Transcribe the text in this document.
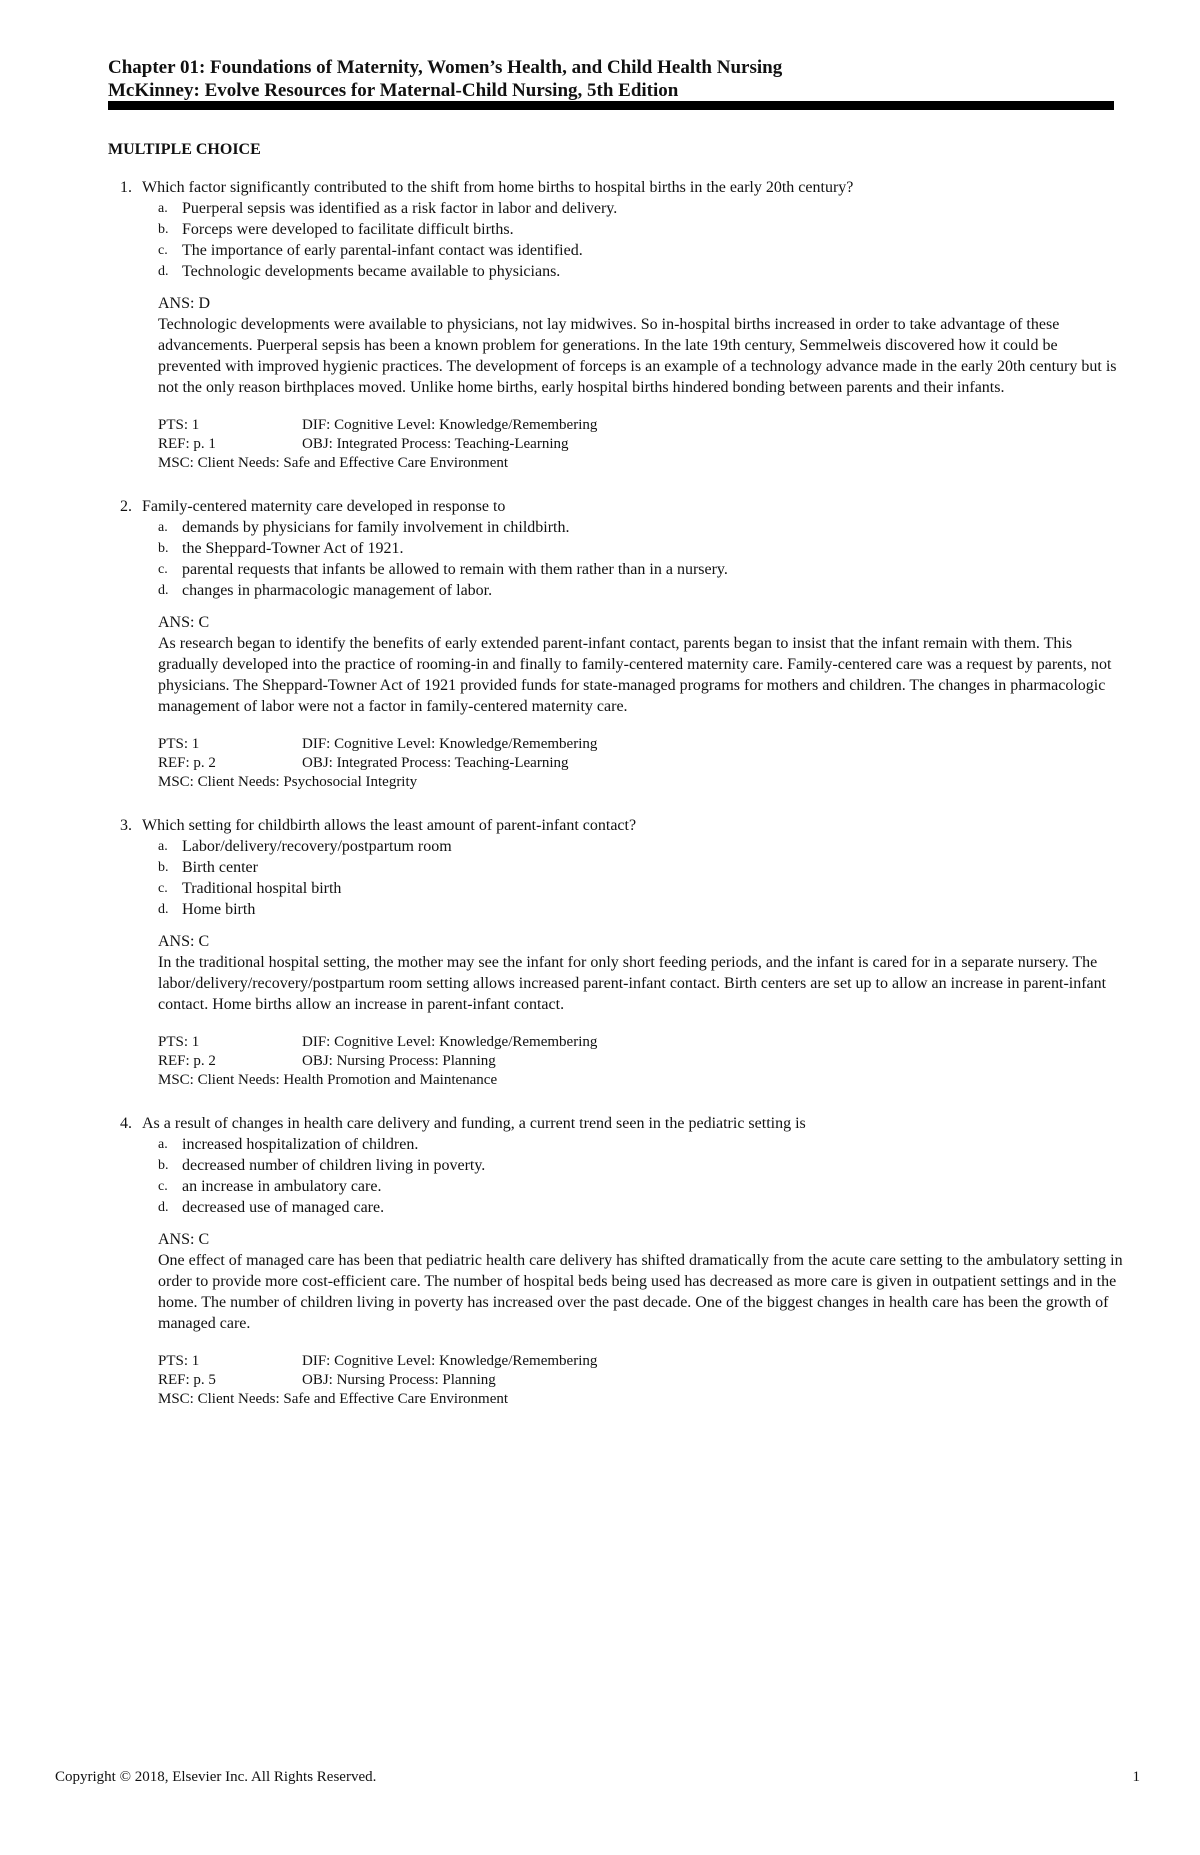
Chapter 01: Foundations of Maternity, Women’s Health, and Child Health Nursing
McKinney: Evolve Resources for Maternal-Child Nursing, 5th Edition
MULTIPLE CHOICE
1. Which factor significantly contributed to the shift from home births to hospital births in the early 20th century?
a. Puerperal sepsis was identified as a risk factor in labor and delivery.
b. Forceps were developed to facilitate difficult births.
c. The importance of early parental-infant contact was identified.
d. Technologic developments became available to physicians.
ANS: D
Technologic developments were available to physicians, not lay midwives. So in-hospital births increased in order to take advantage of these advancements. Puerperal sepsis has been a known problem for generations. In the late 19th century, Semmelweis discovered how it could be prevented with improved hygienic practices. The development of forceps is an example of a technology advance made in the early 20th century but is not the only reason birthplaces moved. Unlike home births, early hospital births hindered bonding between parents and their infants.
PTS: 1	DIF: Cognitive Level: Knowledge/Remembering
REF: p. 1	OBJ: Integrated Process: Teaching-Learning
MSC: Client Needs: Safe and Effective Care Environment
2. Family-centered maternity care developed in response to
a. demands by physicians for family involvement in childbirth.
b. the Sheppard-Towner Act of 1921.
c. parental requests that infants be allowed to remain with them rather than in a nursery.
d. changes in pharmacologic management of labor.
ANS: C
As research began to identify the benefits of early extended parent-infant contact, parents began to insist that the infant remain with them. This gradually developed into the practice of rooming-in and finally to family-centered maternity care. Family-centered care was a request by parents, not physicians. The Sheppard-Towner Act of 1921 provided funds for state-managed programs for mothers and children. The changes in pharmacologic management of labor were not a factor in family-centered maternity care.
PTS: 1	DIF: Cognitive Level: Knowledge/Remembering
REF: p. 2	OBJ: Integrated Process: Teaching-Learning
MSC: Client Needs: Psychosocial Integrity
3. Which setting for childbirth allows the least amount of parent-infant contact?
a. Labor/delivery/recovery/postpartum room
b. Birth center
c. Traditional hospital birth
d. Home birth
ANS: C
In the traditional hospital setting, the mother may see the infant for only short feeding periods, and the infant is cared for in a separate nursery. The labor/delivery/recovery/postpartum room setting allows increased parent-infant contact. Birth centers are set up to allow an increase in parent-infant contact. Home births allow an increase in parent-infant contact.
PTS: 1	DIF: Cognitive Level: Knowledge/Remembering
REF: p. 2	OBJ: Nursing Process: Planning
MSC: Client Needs: Health Promotion and Maintenance
4. As a result of changes in health care delivery and funding, a current trend seen in the pediatric setting is
a. increased hospitalization of children.
b. decreased number of children living in poverty.
c. an increase in ambulatory care.
d. decreased use of managed care.
ANS: C
One effect of managed care has been that pediatric health care delivery has shifted dramatically from the acute care setting to the ambulatory setting in order to provide more cost-efficient care. The number of hospital beds being used has decreased as more care is given in outpatient settings and in the home. The number of children living in poverty has increased over the past decade. One of the biggest changes in health care has been the growth of managed care.
PTS: 1	DIF: Cognitive Level: Knowledge/Remembering
REF: p. 5	OBJ: Nursing Process: Planning
MSC: Client Needs: Safe and Effective Care Environment
Copyright © 2018, Elsevier Inc. All Rights Reserved.	1
